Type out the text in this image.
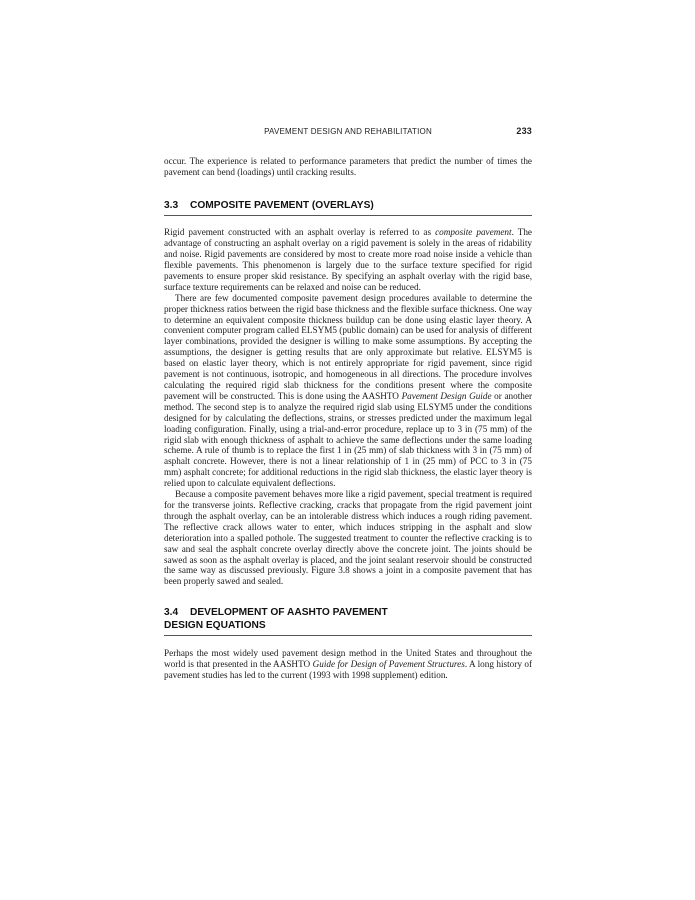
PAVEMENT DESIGN AND REHABILITATION	233

occur. The experience is related to performance parameters that predict the number of times the pavement can bend (loadings) until cracking results.

3.3 COMPOSITE PAVEMENT (OVERLAYS)

Rigid pavement constructed with an asphalt overlay is referred to as composite pavement. The advantage of constructing an asphalt overlay on a rigid pavement is solely in the areas of ridability and noise. Rigid pavements are considered by most to create more road noise inside a vehicle than flexible pavements. This phenomenon is largely due to the surface texture specified for rigid pavements to ensure proper skid resistance. By specifying an asphalt overlay with the rigid base, surface texture requirements can be relaxed and noise can be reduced.

There are few documented composite pavement design procedures available to determine the proper thickness ratios between the rigid base thickness and the flexible surface thickness. One way to determine an equivalent composite thickness buildup can be done using elastic layer theory. A convenient computer program called ELSYM5 (public domain) can be used for analysis of different layer combinations, provided the designer is willing to make some assumptions. By accepting the assumptions, the designer is getting results that are only approximate but relative. ELSYM5 is based on elastic layer theory, which is not entirely appropriate for rigid pavement, since rigid pavement is not continuous, isotropic, and homogeneous in all directions. The procedure involves calculating the required rigid slab thickness for the conditions present where the composite pavement will be constructed. This is done using the AASHTO Pavement Design Guide or another method. The second step is to analyze the required rigid slab using ELSYM5 under the conditions designed for by calculating the deflections, strains, or stresses predicted under the maximum legal loading configuration. Finally, using a trial-and-error procedure, replace up to 3 in (75 mm) of the rigid slab with enough thickness of asphalt to achieve the same deflections under the same loading scheme. A rule of thumb is to replace the first 1 in (25 mm) of slab thickness with 3 in (75 mm) of asphalt concrete. However, there is not a linear relationship of 1 in (25 mm) of PCC to 3 in (75 mm) asphalt concrete; for additional reductions in the rigid slab thickness, the elastic layer theory is relied upon to calculate equivalent deflections.

Because a composite pavement behaves more like a rigid pavement, special treatment is required for the transverse joints. Reflective cracking, cracks that propagate from the rigid pavement joint through the asphalt overlay, can be an intolerable distress which induces a rough riding pavement. The reflective crack allows water to enter, which induces stripping in the asphalt and slow deterioration into a spalled pothole. The suggested treatment to counter the reflective cracking is to saw and seal the asphalt concrete overlay directly above the concrete joint. The joints should be sawed as soon as the asphalt overlay is placed, and the joint sealant reservoir should be constructed the same way as discussed previously. Figure 3.8 shows a joint in a composite pavement that has been properly sawed and sealed.

3.4 DEVELOPMENT OF AASHTO PAVEMENT
DESIGN EQUATIONS

Perhaps the most widely used pavement design method in the United States and throughout the world is that presented in the AASHTO Guide for Design of Pavement Structures. A long history of pavement studies has led to the current (1993 with 1998 supplement) edition.
